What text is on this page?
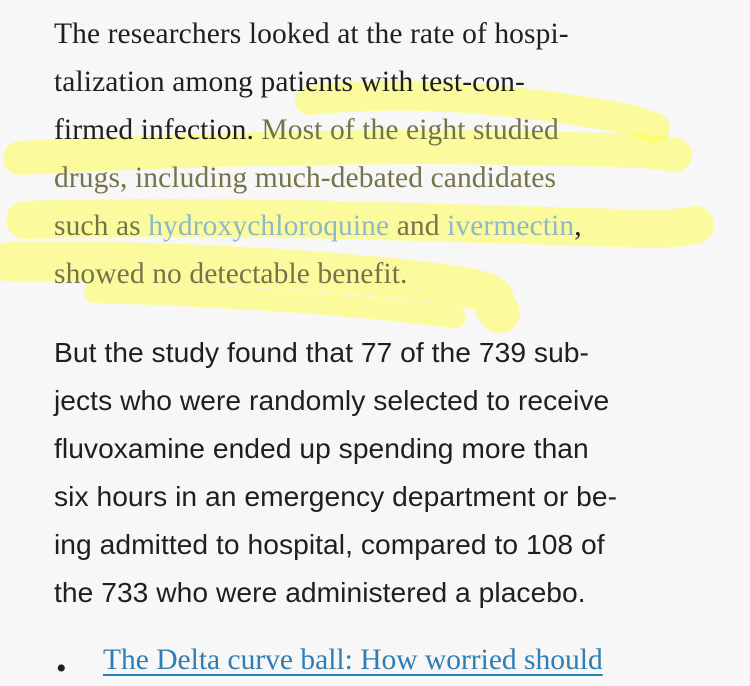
The researchers looked at the rate of hospi-

talization among patients with test-con-

firmed infection. Most of the eight studied

drugs, including much-debated candidates

such as hydroxychloroquine and ivermectin,

showed no detectable benefit.

But the study found that 77 of the 739 sub-

jects who were randomly selected to receive

fluvoxamine ended up spending more than

six hours in an emergency department or be-

ing admitted to hospital, compared to 108 of

the 733 who were administered a placebo.

• The Delta curve ball: How worried should
